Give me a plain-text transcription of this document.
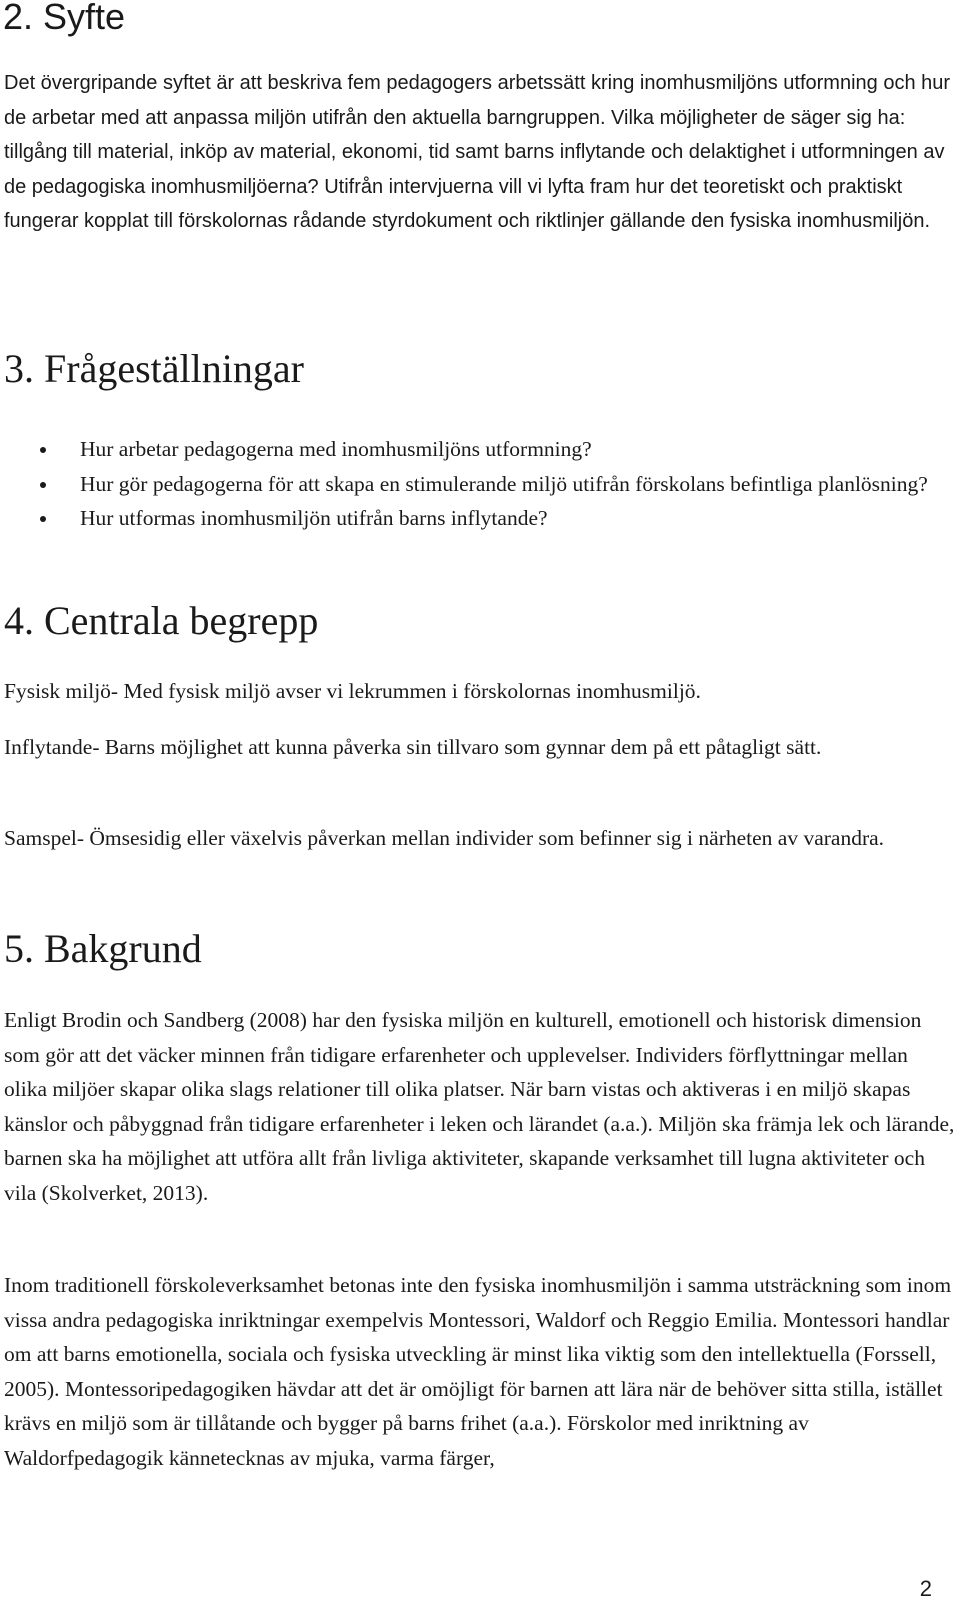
2. Syfte

Det övergripande syftet är att beskriva fem pedagogers arbetssätt kring inomhusmiljöns utformning och hur de arbetar med att anpassa miljön utifrån den aktuella barngruppen. Vilka möjligheter de säger sig ha: tillgång till material, inköp av material, ekonomi, tid samt barns inflytande och delaktighet i utformningen av de pedagogiska inomhusmiljöerna? Utifrån intervjuerna vill vi lyfta fram hur det teoretiskt och praktiskt fungerar kopplat till förskolornas rådande styrdokument och riktlinjer gällande den fysiska inomhusmiljön.

3. Frågeställningar
Hur arbetar pedagogerna med inomhusmiljöns utformning?
Hur gör pedagogerna för att skapa en stimulerande miljö utifrån förskolans befintliga planlösning?
Hur utformas inomhusmiljön utifrån barns inflytande?
4. Centrala begrepp

Fysisk miljö- Med fysisk miljö avser vi lekrummen i förskolornas inomhusmiljö.

Inflytande- Barns möjlighet att kunna påverka sin tillvaro som gynnar dem på ett påtagligt sätt.

Samspel- Ömsesidig eller växelvis påverkan mellan individer som befinner sig i närheten av varandra.

5. Bakgrund

Enligt Brodin och Sandberg (2008) har den fysiska miljön en kulturell, emotionell och historisk dimension som gör att det väcker minnen från tidigare erfarenheter och upplevelser. Individers förflyttningar mellan olika miljöer skapar olika slags relationer till olika platser. När barn vistas och aktiveras i en miljö skapas känslor och påbyggnad från tidigare erfarenheter i leken och lärandet (a.a.). Miljön ska främja lek och lärande, barnen ska ha möjlighet att utföra allt från livliga aktiviteter, skapande verksamhet till lugna aktiviteter och vila (Skolverket, 2013).

Inom traditionell förskoleverksamhet betonas inte den fysiska inomhusmiljön i samma utsträckning som inom vissa andra pedagogiska inriktningar exempelvis Montessori, Waldorf och Reggio Emilia. Montessori handlar om att barns emotionella, sociala och fysiska utveckling är minst lika viktig som den intellektuella (Forssell, 2005). Montessoripedagogiken hävdar att det är omöjligt för barnen att lära när de behöver sitta stilla, istället krävs en miljö som är tillåtande och bygger på barns frihet (a.a.). Förskolor med inriktning av Waldorfpedagogik kännetecknas av mjuka, varma färger,

2
